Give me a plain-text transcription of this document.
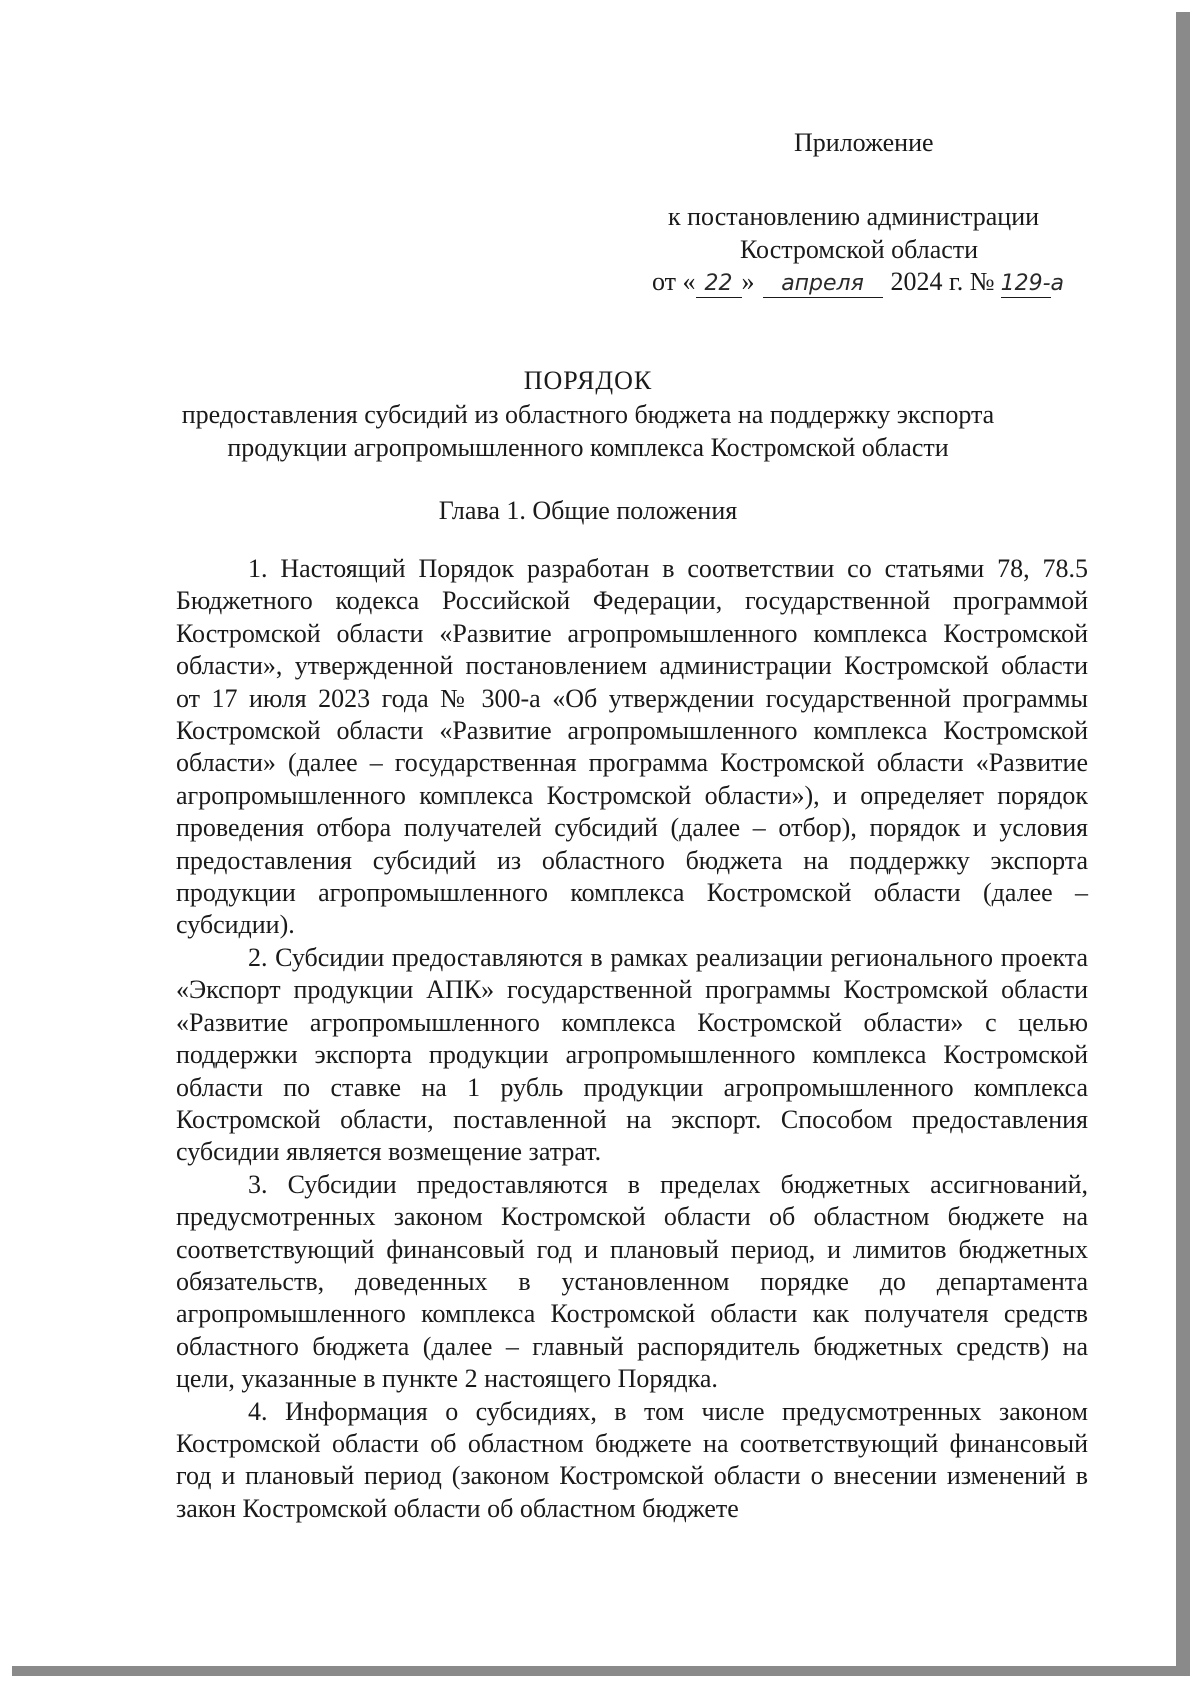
Приложение
к постановлению администрации
Костромской области
от « 22 » апреля 2024 г. № 129-а
ПОРЯДОК
предоставления субсидий из областного бюджета на поддержку экспорта
продукции агропромышленного комплекса Костромской области
Глава 1. Общие положения

1. Настоящий Порядок разработан в соответствии со статьями 78, 78.5 Бюджетного кодекса Российской Федерации, государственной программой Костромской области «Развитие агропромышленного комплекса Костромской области», утвержденной постановлением администрации Костромской области от 17 июля 2023 года № 300-а «Об утверждении государственной программы Костромской области «Развитие агропромышленного комплекса Костромской области» (далее – государственная программа Костромской области «Развитие агропромышленного комплекса Костромской области»), и определяет порядок проведения отбора получателей субсидий (далее – отбор), порядок и условия предоставления субсидий из областного бюджета на поддержку экспорта продукции агропромышленного комплекса Костромской области (далее – субсидии).

2. Субсидии предоставляются в рамках реализации регионального проекта «Экспорт продукции АПК» государственной программы Костромской области «Развитие агропромышленного комплекса Костромской области» с целью поддержки экспорта продукции агропромышленного комплекса Костромской области по ставке на 1 рубль продукции агропромышленного комплекса Костромской области, поставленной на экспорт. Способом предоставления субсидии является возмещение затрат.

3. Субсидии предоставляются в пределах бюджетных ассигнований, предусмотренных законом Костромской области об областном бюджете на соответствующий финансовый год и плановый период, и лимитов бюджетных обязательств, доведенных в установленном порядке до департамента агропромышленного комплекса Костромской области как получателя средств областного бюджета (далее – главный распорядитель бюджетных средств) на цели, указанные в пункте 2 настоящего Порядка.

4. Информация о субсидиях, в том числе предусмотренных законом Костромской области об областном бюджете на соответствующий финансовый год и плановый период (законом Костромской области о внесении изменений в закон Костромской области об областном бюджете
